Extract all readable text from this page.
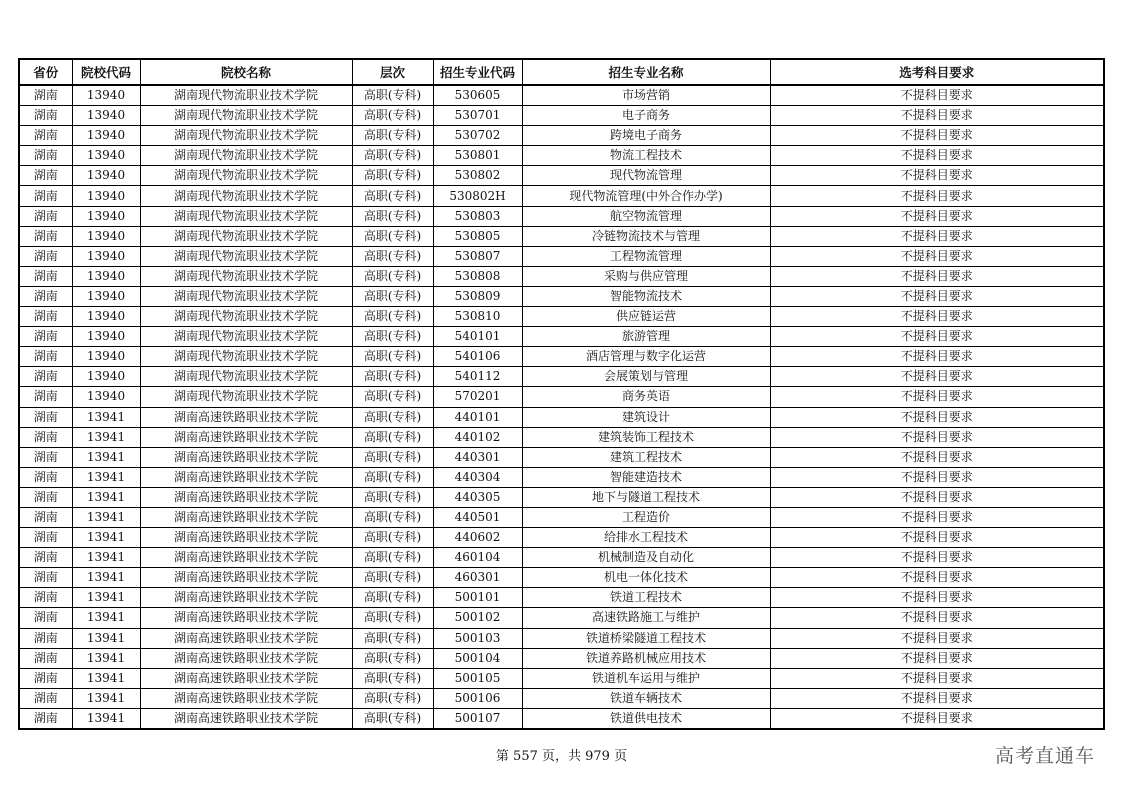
省份	院校代码	院校名称	层次	招生专业代码	招生专业名称	选考科目要求
湖南	13940	湖南现代物流职业技术学院	高职(专科)	530605	市场营销	不提科目要求
湖南	13940	湖南现代物流职业技术学院	高职(专科)	530701	电子商务	不提科目要求
湖南	13940	湖南现代物流职业技术学院	高职(专科)	530702	跨境电子商务	不提科目要求
湖南	13940	湖南现代物流职业技术学院	高职(专科)	530801	物流工程技术	不提科目要求
湖南	13940	湖南现代物流职业技术学院	高职(专科)	530802	现代物流管理	不提科目要求
湖南	13940	湖南现代物流职业技术学院	高职(专科)	530802H	现代物流管理(中外合作办学)	不提科目要求
湖南	13940	湖南现代物流职业技术学院	高职(专科)	530803	航空物流管理	不提科目要求
湖南	13940	湖南现代物流职业技术学院	高职(专科)	530805	冷链物流技术与管理	不提科目要求
湖南	13940	湖南现代物流职业技术学院	高职(专科)	530807	工程物流管理	不提科目要求
湖南	13940	湖南现代物流职业技术学院	高职(专科)	530808	采购与供应管理	不提科目要求
湖南	13940	湖南现代物流职业技术学院	高职(专科)	530809	智能物流技术	不提科目要求
湖南	13940	湖南现代物流职业技术学院	高职(专科)	530810	供应链运营	不提科目要求
湖南	13940	湖南现代物流职业技术学院	高职(专科)	540101	旅游管理	不提科目要求
湖南	13940	湖南现代物流职业技术学院	高职(专科)	540106	酒店管理与数字化运营	不提科目要求
湖南	13940	湖南现代物流职业技术学院	高职(专科)	540112	会展策划与管理	不提科目要求
湖南	13940	湖南现代物流职业技术学院	高职(专科)	570201	商务英语	不提科目要求
湖南	13941	湖南高速铁路职业技术学院	高职(专科)	440101	建筑设计	不提科目要求
湖南	13941	湖南高速铁路职业技术学院	高职(专科)	440102	建筑装饰工程技术	不提科目要求
湖南	13941	湖南高速铁路职业技术学院	高职(专科)	440301	建筑工程技术	不提科目要求
湖南	13941	湖南高速铁路职业技术学院	高职(专科)	440304	智能建造技术	不提科目要求
湖南	13941	湖南高速铁路职业技术学院	高职(专科)	440305	地下与隧道工程技术	不提科目要求
湖南	13941	湖南高速铁路职业技术学院	高职(专科)	440501	工程造价	不提科目要求
湖南	13941	湖南高速铁路职业技术学院	高职(专科)	440602	给排水工程技术	不提科目要求
湖南	13941	湖南高速铁路职业技术学院	高职(专科)	460104	机械制造及自动化	不提科目要求
湖南	13941	湖南高速铁路职业技术学院	高职(专科)	460301	机电一体化技术	不提科目要求
湖南	13941	湖南高速铁路职业技术学院	高职(专科)	500101	铁道工程技术	不提科目要求
湖南	13941	湖南高速铁路职业技术学院	高职(专科)	500102	高速铁路施工与维护	不提科目要求
湖南	13941	湖南高速铁路职业技术学院	高职(专科)	500103	铁道桥梁隧道工程技术	不提科目要求
湖南	13941	湖南高速铁路职业技术学院	高职(专科)	500104	铁道养路机械应用技术	不提科目要求
湖南	13941	湖南高速铁路职业技术学院	高职(专科)	500105	铁道机车运用与维护	不提科目要求
湖南	13941	湖南高速铁路职业技术学院	高职(专科)	500106	铁道车辆技术	不提科目要求
湖南	13941	湖南高速铁路职业技术学院	高职(专科)	500107	铁道供电技术	不提科目要求
第 557 页，共 979 页	高考直通车
